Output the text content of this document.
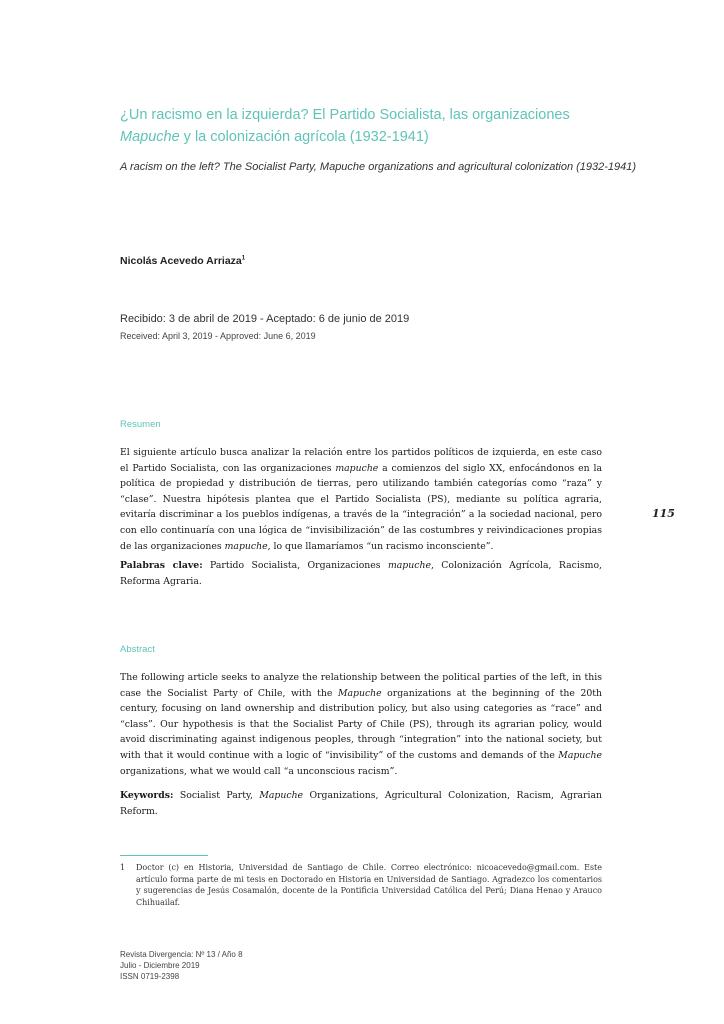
¿Un racismo en la izquierda? El Partido Socialista, las organizaciones
Mapuche y la colonización agrícola (1932-1941)
A racism on the left? The Socialist Party, Mapuche organizations and agricultural colonization (1932-1941)
Nicolás Acevedo Arriaza$^1$
Recibido: 3 de abril de 2019 - Aceptado: 6 de junio de 2019
Received: April 3, 2019 - Approved: June 6, 2019
Resumen
El siguiente artículo busca analizar la relación entre los partidos políticos de izquierda, en este caso el Partido Socialista, con las organizaciones mapuche a comienzos del siglo XX, enfocándonos en la política de propiedad y distribución de tierras, pero utilizando también categorías como “raza” y “clase”. Nuestra hipótesis plantea que el Partido Socialista (PS), mediante su política agraria, evitaría discriminar a los pueblos indígenas, a través de la “integración” a la sociedad nacional, pero con ello continuaría con una lógica de “invisibilización” de las costumbres y reivindicaciones propias de las organizaciones mapuche, lo que llamaríamos “un racismo inconsciente”.
Palabras clave: Partido Socialista, Organizaciones mapuche, Colonización Agrícola, Racismo, Reforma Agraria.
115
Abstract
The following article seeks to analyze the relationship between the political parties of the left, in this case the Socialist Party of Chile, with the Mapuche organizations at the beginning of the 20th century, focusing on land ownership and distribution policy, but also using categories as “race” and “class”. Our hypothesis is that the Socialist Party of Chile (PS), through its agrarian policy, would avoid discriminating against indigenous peoples, through “integration” into the national society, but with that it would continue with a logic of “invisibility” of the customs and demands of the Mapuche organizations, what we would call “a unconscious racism”.
Keywords: Socialist Party, Mapuche Organizations, Agricultural Colonization, Racism, Agrarian Reform.
1 Doctor (c) en Historia, Universidad de Santiago de Chile. Correo electrónico: nicoacevedo@gmail.com. Este artículo forma parte de mi tesis en Doctorado en Historia en Universidad de Santiago. Agradezco los comentarios y sugerencias de Jesús Cosamalón, docente de la Pontificia Universidad Católica del Perú; Diana Henao y Arauco Chihuailaf.
Revista Divergencia: Nº 13 / Año 8
Julio - Diciembre 2019
ISSN 0719-2398
